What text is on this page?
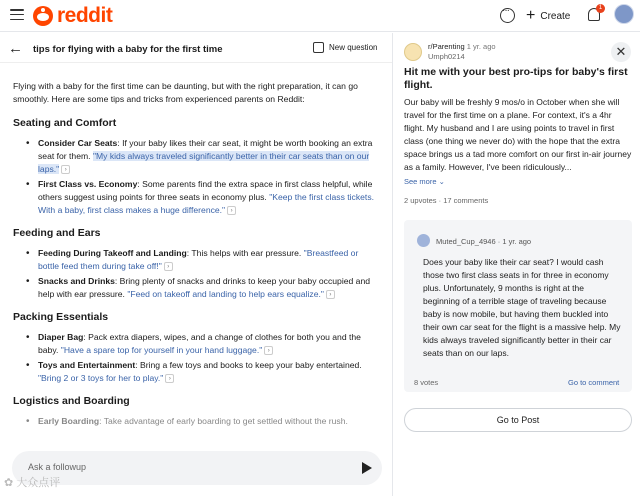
reddit
···	+ Create
1
← tips for flying with a baby for the first time	New question

Flying with a baby for the first time can be daunting, but with the right preparation, it can go smoothly. Here are some tips and tricks from experienced parents on Reddit:

Seating and Comfort
• Consider Car Seats: If your baby likes their car seat, it might be worth booking an extra seat for them. "My kids always traveled significantly better in their car seats than on our laps." ›
• First Class vs. Economy: Some parents find the extra space in first class helpful, while others suggest using points for three seats in economy plus. "Keep the first class tickets. With a baby, first class makes a huge difference." ›
Feeding and Ears
• Feeding During Takeoff and Landing: This helps with ear pressure. "Breastfeed or bottle feed them during take off!" ›
• Snacks and Drinks: Bring plenty of snacks and drinks to keep your baby occupied and help with ear pressure. "Feed on takeoff and landing to help ears equalize." ›
Packing Essentials
• Diaper Bag: Pack extra diapers, wipes, and a change of clothes for both you and the baby. "Have a spare top for yourself in your hand luggage." ›
• Toys and Entertainment: Bring a few toys and books to keep your baby entertained. "Bring 2 or 3 toys for her to play." ›
Logistics and Boarding
• Early Boarding: Take advantage of early boarding to get settled without the rush.
Ask a followup
✿ 大众点评
r/Parenting 1 yr. ago
Umph0214	✕
Hit me with your best pro-tips for baby's first flight.
Our baby will be freshly 9 mos/o in October when she will travel for the first time on a plane. For context, it's a 4hr flight. My husband and I are using points to travel in first class (one thing we never do) with the hope that the extra space brings us a tad more comfort on our first in-air journey as a family. However, I've been ridiculously...
See more ⌄
2 upvotes · 17 comments
Muted_Cup_4946 · 1 yr. ago
Does your baby like their car seat? I would cash those two first class seats in for three in economy plus. Unfortunately, 9 months is right at the beginning of a terrible stage of traveling because baby is now mobile, but having them buckled into their own car seat for the flight is a massive help. My kids always traveled significantly better in their car seats than on our laps.
8 votes	Go to comment
Go to Post
